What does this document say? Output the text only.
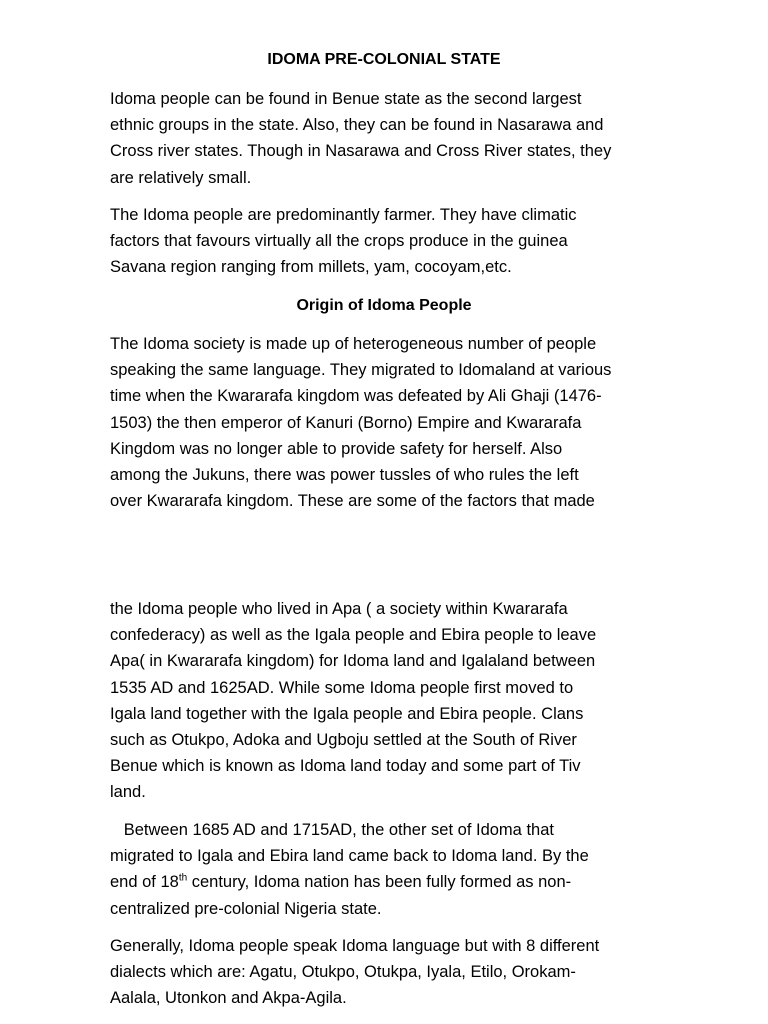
IDOMA PRE-COLONIAL STATE

Idoma people can be found in Benue state as the second largest
ethnic groups in the state. Also, they can be found in Nasarawa and
Cross river states. Though in Nasarawa and Cross River states, they
are relatively small.

The Idoma people are predominantly farmer. They have climatic
factors that favours virtually all the crops produce in the guinea
Savana region ranging from millets, yam, cocoyam,etc.

Origin of Idoma People

The Idoma society is made up of heterogeneous number of people
speaking the same language. They migrated to Idomaland at various
time when the Kwararafa kingdom was defeated by Ali Ghaji (1476-
1503) the then emperor of Kanuri (Borno) Empire and Kwararafa
Kingdom was no longer able to provide safety for herself. Also
among the Jukuns, there was power tussles of who rules the left
over Kwararafa kingdom. These are some of the factors that made

the Idoma people who lived in Apa ( a society within Kwararafa
confederacy) as well as the Igala people and Ebira people to leave
Apa( in Kwararafa kingdom) for Idoma land and Igalaland between
1535 AD and 1625AD. While some Idoma people first moved to
Igala land together with the Igala people and Ebira people. Clans
such as Otukpo, Adoka and Ugboju settled at the South of River
Benue which is known as Idoma land today and some part of Tiv
land.

Between 1685 AD and 1715AD, the other set of Idoma that
migrated to Igala and Ebira land came back to Idoma land. By the
end of 18th century, Idoma nation has been fully formed as non-
centralized pre-colonial Nigeria state.

Generally, Idoma people speak Idoma language but with 8 different
dialects which are: Agatu, Otukpo, Otukpa, Iyala, Etilo, Orokam-
Aalala, Utonkon and Akpa-Agila.
